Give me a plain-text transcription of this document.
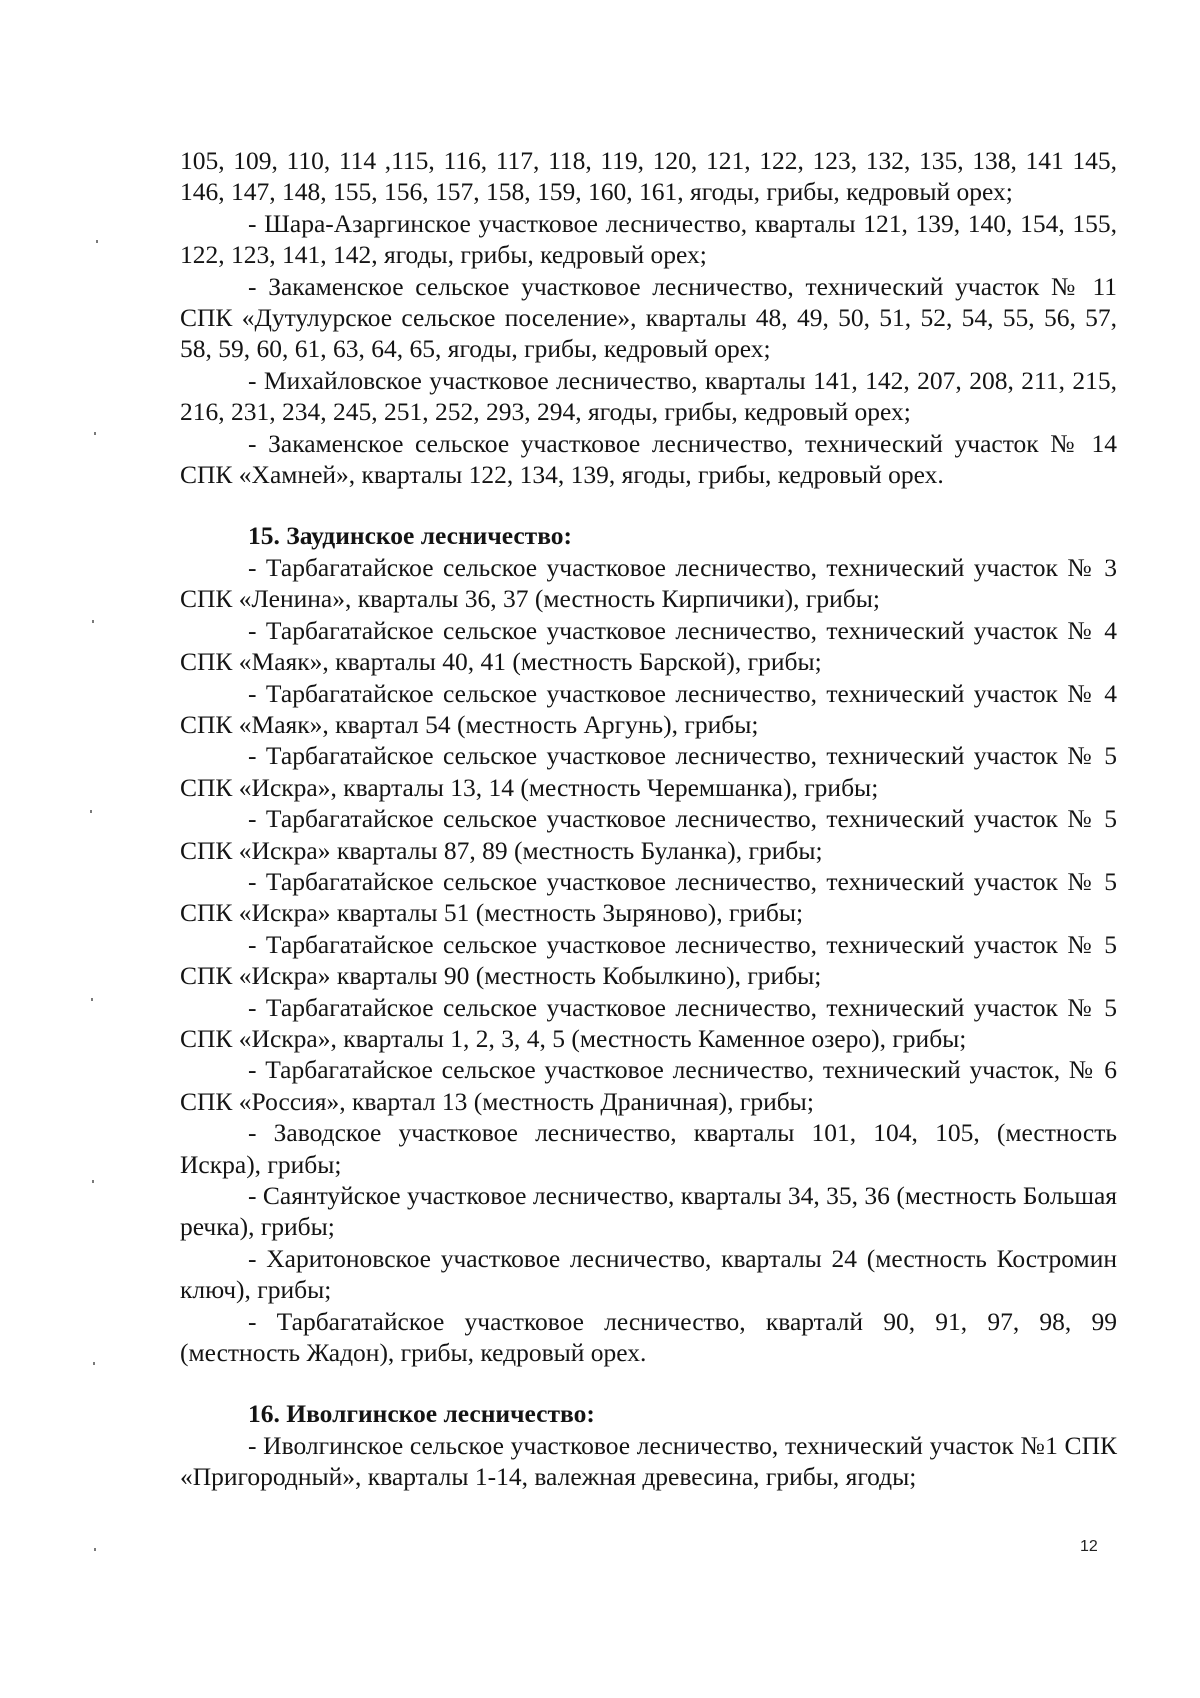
105, 109, 110, 114 ,115, 116, 117, 118, 119, 120, 121, 122, 123, 132, 135, 138, 141 145, 146, 147, 148, 155, 156, 157, 158, 159, 160, 161, ягоды, грибы, кедровый орех;

- Шара-Азаргинское участковое лесничество, кварталы 121, 139, 140, 154, 155, 122, 123, 141, 142, ягоды, грибы, кедровый орех;

- Закаменское сельское участковое лесничество, технический участок № 11 СПК «Дутулурское сельское поселение», кварталы 48, 49, 50, 51, 52, 54, 55, 56, 57, 58, 59, 60, 61, 63, 64, 65, ягоды, грибы, кедровый орех;

- Михайловское участковое лесничество, кварталы 141, 142, 207, 208, 211, 215, 216, 231, 234, 245, 251, 252, 293, 294, ягоды, грибы, кедровый орех;

- Закаменское сельское участковое лесничество, технический участок № 14 СПК «Хамней», кварталы 122, 134, 139, ягоды, грибы, кедровый орех.

15. Заудинское лесничество:

- Тарбагатайское сельское участковое лесничество, технический участок № 3 СПК «Ленина», кварталы 36, 37 (местность Кирпичики), грибы;

- Тарбагатайское сельское участковое лесничество, технический участок № 4 СПК «Маяк», кварталы 40, 41 (местность Барской), грибы;

- Тарбагатайское сельское участковое лесничество, технический участок № 4 СПК «Маяк», квартал 54 (местность Аргунь), грибы;

- Тарбагатайское сельское участковое лесничество, технический участок № 5 СПК «Искра», кварталы 13, 14 (местность Черемшанка), грибы;

- Тарбагатайское сельское участковое лесничество, технический участок № 5 СПК «Искра» кварталы 87, 89 (местность Буланка), грибы;

- Тарбагатайское сельское участковое лесничество, технический участок № 5 СПК «Искра» кварталы 51 (местность Зыряново), грибы;

- Тарбагатайское сельское участковое лесничество, технический участок № 5 СПК «Искра» кварталы 90 (местность Кобылкино), грибы;

- Тарбагатайское сельское участковое лесничество, технический участок № 5 СПК «Искра», кварталы 1, 2, 3, 4, 5 (местность Каменное озеро), грибы;

- Тарбагатайское сельское участковое лесничество, технический участок, № 6 СПК «Россия», квартал 13 (местность Драничная), грибы;

- Заводское участковое лесничество, кварталы 101, 104, 105, (местность Искра), грибы;

- Саянтуйское участковое лесничество, кварталы 34, 35, 36 (местность Большая речка), грибы;

- Харитоновское участковое лесничество, кварталы 24 (местность Костромин ключ), грибы;

- Тарбагатайское участковое лесничество, кварталй 90, 91, 97, 98, 99 (местность Жадон), грибы, кедровый орех.

16. Иволгинское лесничество:

- Иволгинское сельское участковое лесничество, технический участок №1 СПК «Пригородный», кварталы 1-14, валежная древесина, грибы, ягоды;

12
